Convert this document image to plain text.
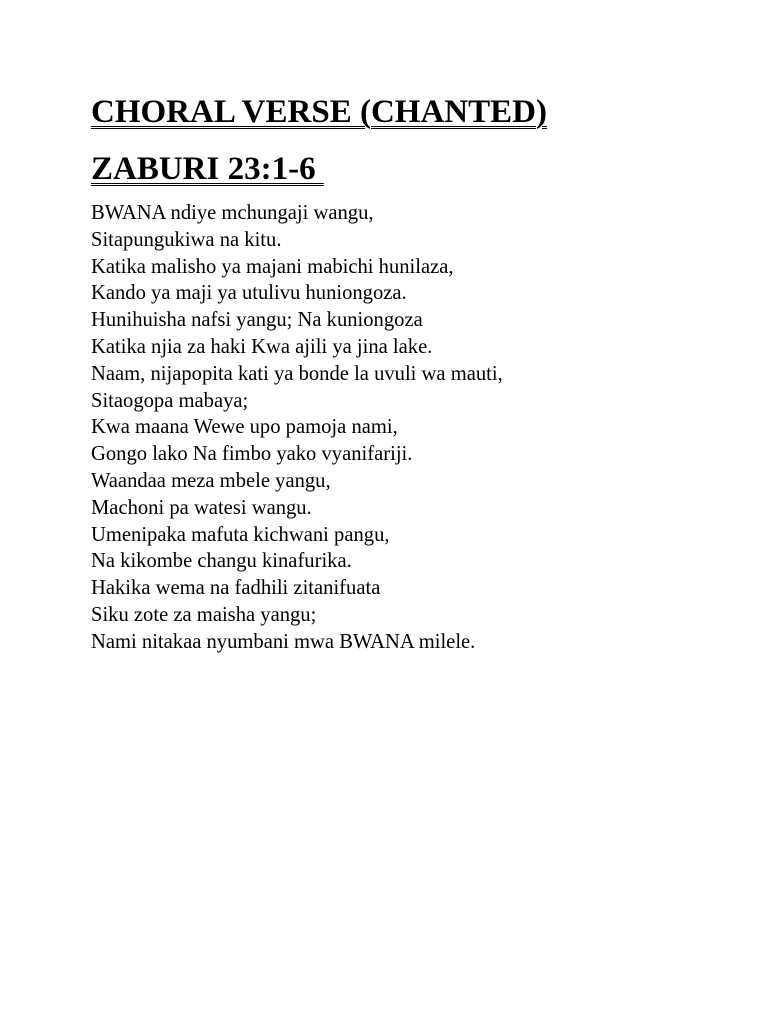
CHORAL VERSE (CHANTED)
ZABURI 23:1-6
BWANA ndiye mchungaji wangu,
Sitapungukiwa na kitu.
Katika malisho ya majani mabichi hunilaza,
Kando ya maji ya utulivu huniongoza.
Hunihuisha nafsi yangu; Na kuniongoza
Katika njia za haki Kwa ajili ya jina lake.
Naam, nijapopita kati ya bonde la uvuli wa mauti,
Sitaogopa mabaya;
Kwa maana Wewe upo pamoja nami,
Gongo lako Na fimbo yako vyanifariji.
Waandaa meza mbele yangu,
Machoni pa watesi wangu.
Umenipaka mafuta kichwani pangu,
Na kikombe changu kinafurika.
Hakika wema na fadhili zitanifuata
Siku zote za maisha yangu;
Nami nitakaa nyumbani mwa BWANA milele.
